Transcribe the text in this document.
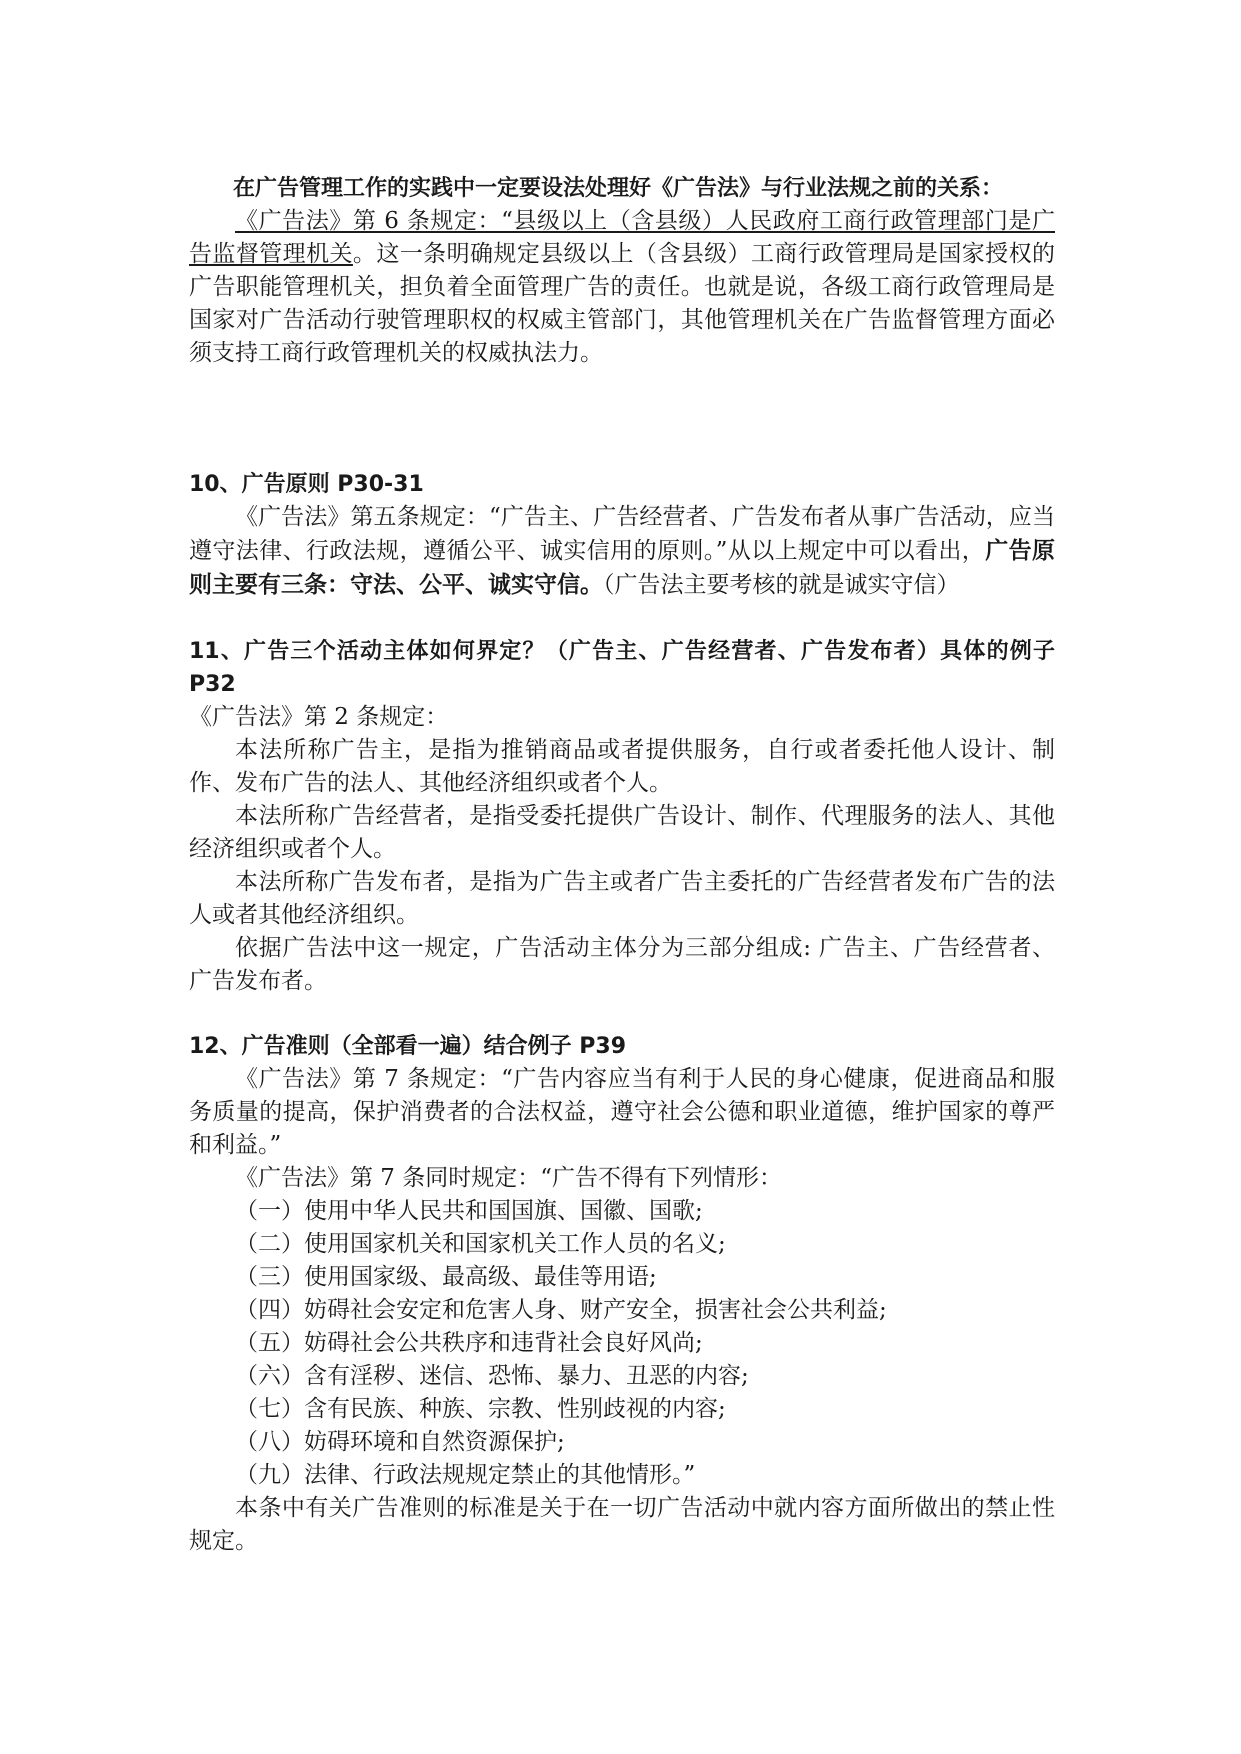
在广告管理工作的实践中一定要设法处理好《广告法》与行业法规之前的关系：

《广告法》第 6 条规定：“县级以上（含县级）人民政府工商行政管理部门是广告监督管理机关。这一条明确规定县级以上（含县级）工商行政管理局是国家授权的广告职能管理机关，担负着全面管理广告的责任。也就是说，各级工商行政管理局是国家对广告活动行驶管理职权的权威主管部门，其他管理机关在广告监督管理方面必须支持工商行政管理机关的权威执法力。

10、广告原则 P30-31

《广告法》第五条规定：“广告主、广告经营者、广告发布者从事广告活动，应当遵守法律、行政法规，遵循公平、诚实信用的原则。”从以上规定中可以看出，广告原则主要有三条：守法、公平、诚实守信。（广告法主要考核的就是诚实守信）

11、广告三个活动主体如何界定？（广告主、广告经营者、广告发布者）具体的例子 P32

《广告法》第 2 条规定：

本法所称广告主，是指为推销商品或者提供服务，自行或者委托他人设计、制作、发布广告的法人、其他经济组织或者个人。

本法所称广告经营者，是指受委托提供广告设计、制作、代理服务的法人、其他经济组织或者个人。

本法所称广告发布者，是指为广告主或者广告主委托的广告经营者发布广告的法人或者其他经济组织。

依据广告法中这一规定，广告活动主体分为三部分组成: 广告主、广告经营者、广告发布者。

12、广告准则（全部看一遍）结合例子 P39

《广告法》第 7 条规定：“广告内容应当有利于人民的身心健康，促进商品和服务质量的提高，保护消费者的合法权益，遵守社会公德和职业道德，维护国家的尊严和利益。”

《广告法》第 7 条同时规定：“广告不得有下列情形：

（一）使用中华人民共和国国旗、国徽、国歌;

（二）使用国家机关和国家机关工作人员的名义;

（三）使用国家级、最高级、最佳等用语;

（四）妨碍社会安定和危害人身、财产安全，损害社会公共利益;

（五）妨碍社会公共秩序和违背社会良好风尚;

（六）含有淫秽、迷信、恐怖、暴力、丑恶的内容;

（七）含有民族、种族、宗教、性别歧视的内容;

（八）妨碍环境和自然资源保护;

（九）法律、行政法规规定禁止的其他情形。”

本条中有关广告准则的标准是关于在一切广告活动中就内容方面所做出的禁止性规定。
